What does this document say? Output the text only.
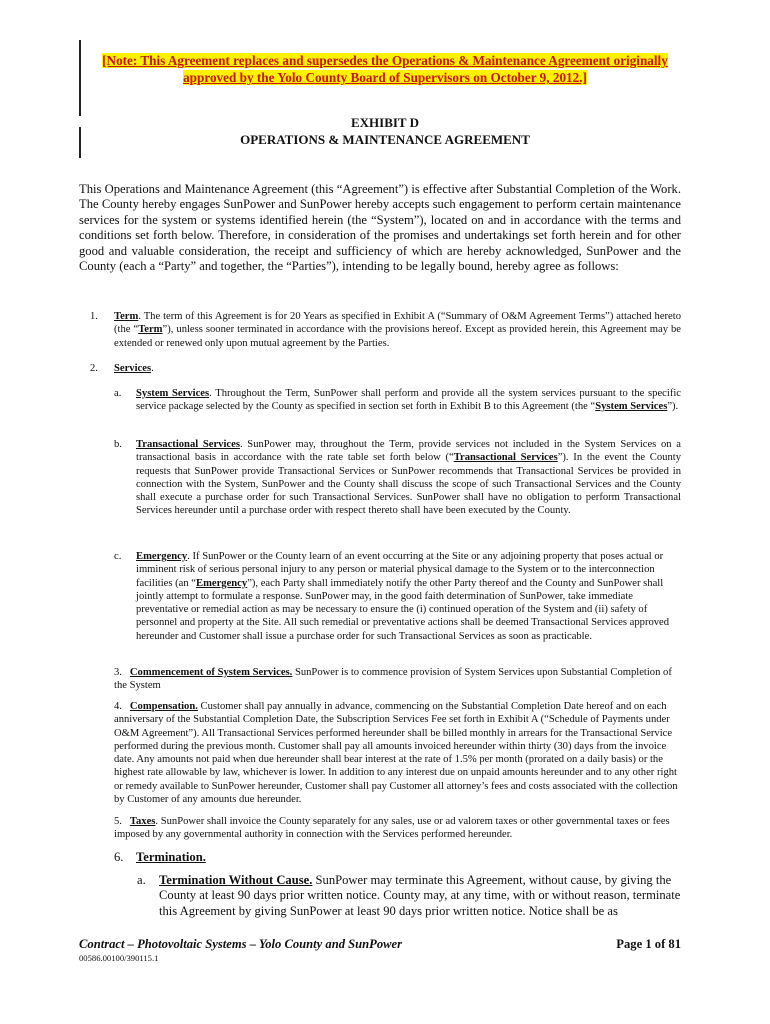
[Note: This Agreement replaces and supersedes the Operations & Maintenance Agreement originally
approved by the Yolo County Board of Supervisors on October 9, 2012.]
EXHIBIT D
OPERATIONS & MAINTENANCE AGREEMENT
This Operations and Maintenance Agreement (this “Agreement”) is effective after Substantial Completion of the Work. The County hereby engages SunPower and SunPower hereby accepts such engagement to perform certain maintenance services for the system or systems identified herein (the “System”), located on and in accordance with the terms and conditions set forth below. Therefore, in consideration of the promises and undertakings set forth herein and for other good and valuable consideration, the receipt and sufficiency of which are hereby acknowledged, SunPower and the County (each a “Party” and together, the “Parties”), intending to be legally bound, hereby agree as follows:
1. Term. The term of this Agreement is for 20 Years as specified in Exhibit A (“Summary of O&M Agreement Terms”) attached hereto (the “Term”), unless sooner terminated in accordance with the provisions hereof. Except as provided herein, this Agreement may be extended or renewed only upon mutual agreement by the Parties.
2. Services.
a. System Services. Throughout the Term, SunPower shall perform and provide all the system services pursuant to the specific service package selected by the County as specified in section set forth in Exhibit B to this Agreement (the “System Services”).
b. Transactional Services. SunPower may, throughout the Term, provide services not included in the System Services on a transactional basis in accordance with the rate table set forth below (“Transactional Services”). In the event the County requests that SunPower provide Transactional Services or SunPower recommends that Transactional Services be provided in connection with the System, SunPower and the County shall discuss the scope of such Transactional Services and the County shall execute a purchase order for such Transactional Services. SunPower shall have no obligation to perform Transactional Services hereunder until a purchase order with respect thereto shall have been executed by the County.
c. Emergency. If SunPower or the County learn of an event occurring at the Site or any adjoining property that poses actual or imminent risk of serious personal injury to any person or material physical damage to the System or to the interconnection facilities (an “Emergency”), each Party shall immediately notify the other Party thereof and the County and SunPower shall jointly attempt to formulate a response. SunPower may, in the good faith determination of SunPower, take immediate preventative or remedial action as may be necessary to ensure the (i) continued operation of the System and (ii) safety of personnel and property at the Site. All such remedial or preventative actions shall be deemed Transactional Services approved hereunder and Customer shall issue a purchase order for such Transactional Services as soon as practicable.
3. Commencement of System Services. SunPower is to commence provision of System Services upon Substantial Completion of the System
4. Compensation. Customer shall pay annually in advance, commencing on the Substantial Completion Date hereof and on each anniversary of the Substantial Completion Date, the Subscription Services Fee set forth in Exhibit A (“Schedule of Payments under O&M Agreement”). All Transactional Services performed hereunder shall be billed monthly in arrears for the Transactional Service performed during the previous month. Customer shall pay all amounts invoiced hereunder within thirty (30) days from the invoice date. Any amounts not paid when due hereunder shall bear interest at the rate of 1.5% per month (prorated on a daily basis) or the highest rate allowable by law, whichever is lower. In addition to any interest due on unpaid amounts hereunder and to any other right or remedy available to SunPower hereunder, Customer shall pay Customer all attorney’s fees and costs associated with the collection by Customer of any amounts due hereunder.
5. Taxes. SunPower shall invoice the County separately for any sales, use or ad valorem taxes or other governmental taxes or fees imposed by any governmental authority in connection with the Services performed hereunder.
6. Termination.
a. Termination Without Cause. SunPower may terminate this Agreement, without cause, by giving the County at least 90 days prior written notice. County may, at any time, with or without reason, terminate this Agreement by giving SunPower at least 90 days prior written notice. Notice shall be as
Contract – Photovoltaic Systems – Yolo County and SunPower	Page 1 of 81
00586.00100/390115.1
